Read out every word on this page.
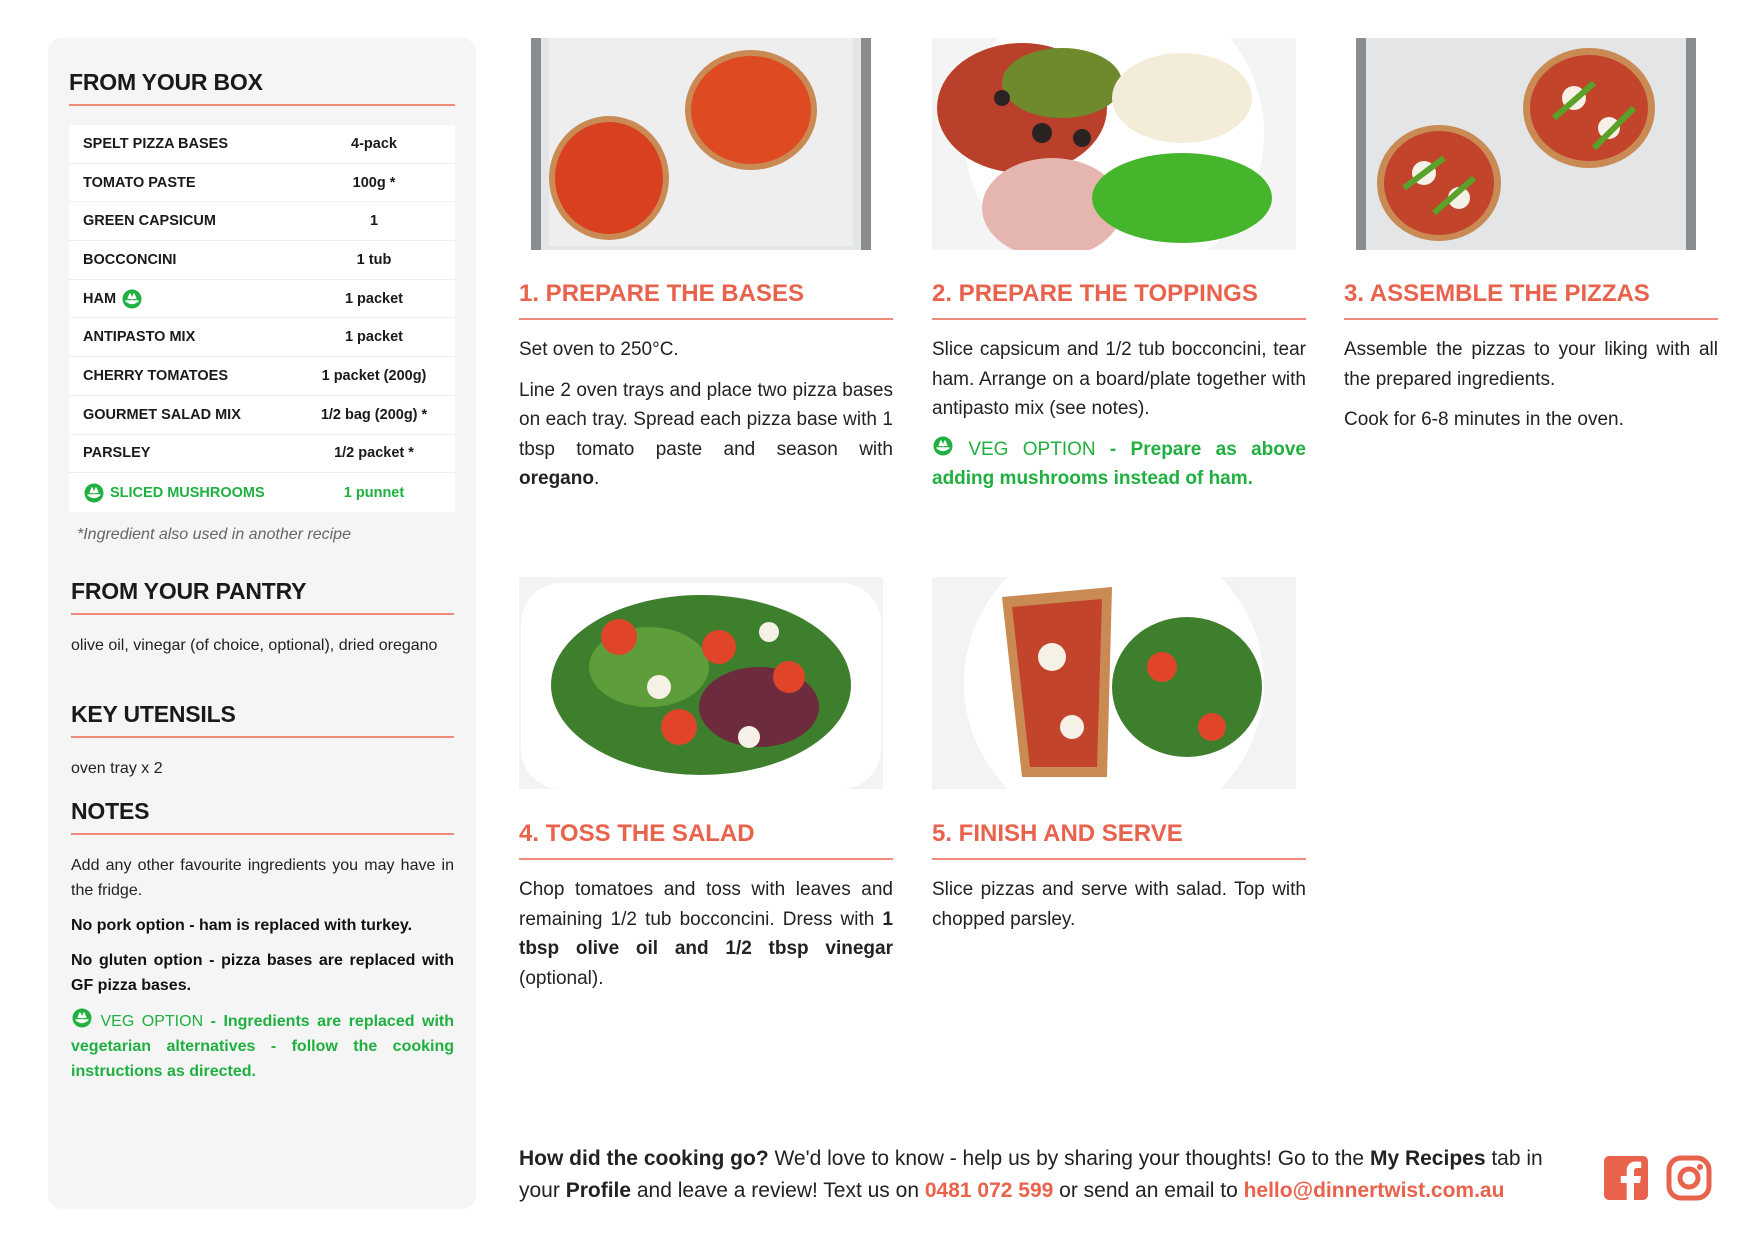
FROM YOUR BOX
SPELT PIZZA BASES	4-pack
TOMATO PASTE	100g *
GREEN CAPSICUM	1
BOCCONCINI	1 tub
HAM	1 packet
ANTIPASTO MIX	1 packet
CHERRY TOMATOES	1 packet (200g)
GOURMET SALAD MIX	1/2 bag (200g) *
PARSLEY	1/2 packet *
SLICED MUSHROOMS	1 punnet
*Ingredient also used in another recipe
FROM YOUR PANTRY

olive oil, vinegar (of choice, optional), dried oregano

KEY UTENSILS

oven tray x 2

NOTES

Add any other favourite ingredients you may have in the fridge.

No pork option - ham is replaced with turkey.

No gluten option - pizza bases are replaced with GF pizza bases.

VEG OPTION - Ingredients are replaced with vegetarian alternatives - follow the cooking instructions as directed.

1. PREPARE THE BASES

Set oven to 250°C.

Line 2 oven trays and place two pizza bases on each tray. Spread each pizza base with 1 tbsp tomato paste and season with oregano.

2. PREPARE THE TOPPINGS

Slice capsicum and 1/2 tub bocconcini, tear ham. Arrange on a board/plate together with antipasto mix (see notes).

VEG OPTION - Prepare as above adding mushrooms instead of ham.

3. ASSEMBLE THE PIZZAS

Assemble the pizzas to your liking with all the prepared ingredients.

Cook for 6-8 minutes in the oven.

4. TOSS THE SALAD

Chop tomatoes and toss with leaves and remaining 1/2 tub bocconcini. Dress with 1 tbsp olive oil and 1/2 tbsp vinegar (optional).

5. FINISH AND SERVE

Slice pizzas and serve with salad. Top with chopped parsley.

How did the cooking go? We'd love to know - help us by sharing your thoughts! Go to the My Recipes tab in your Profile and leave a review! Text us on 0481 072 599 or send an email to hello@dinnertwist.com.au
